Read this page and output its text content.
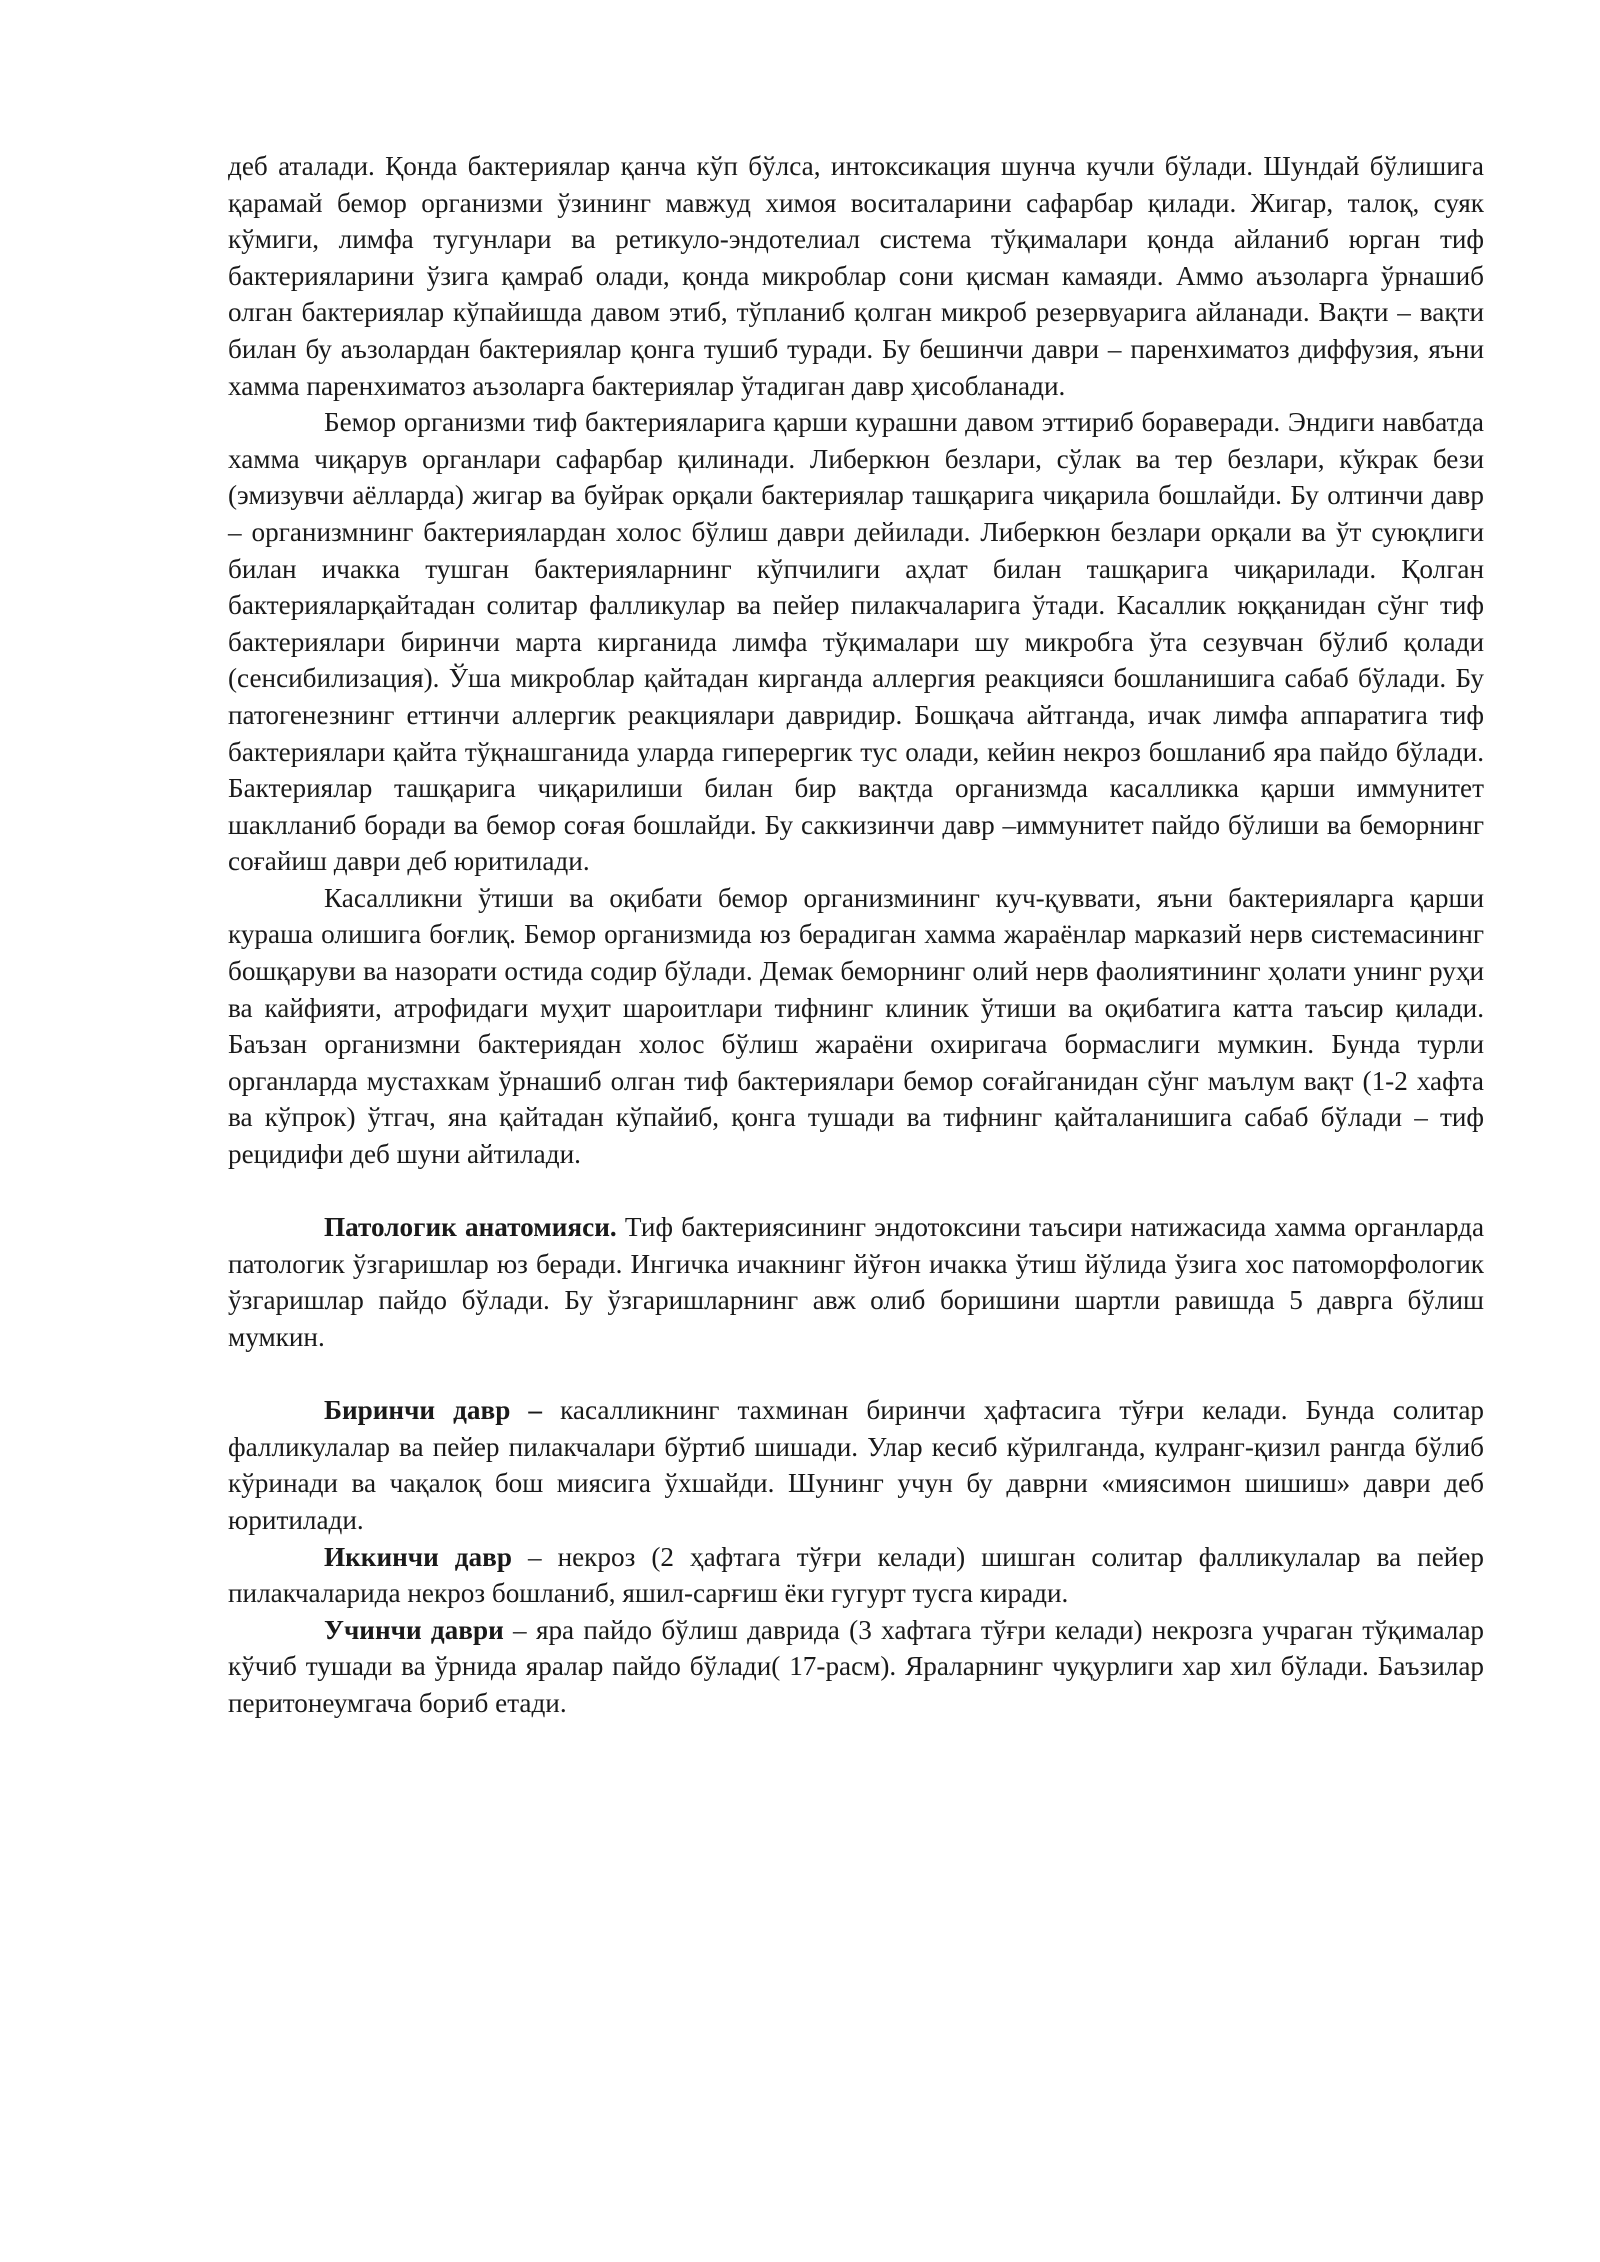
деб аталади. Қонда бактериялар қанча кўп бўлса, интоксикация шунча кучли бўлади. Шундай бўлишига қарамай бемор организми ўзининг мавжуд химоя воситаларини сафарбар қилади. Жигар, талоқ, суяк кўмиги, лимфа тугунлари ва ретикуло-эндотелиал система тўқималари қонда айланиб юрган тиф бактерияларини ўзига қамраб олади, қонда микроблар сони қисман камаяди. Аммо аъзоларга ўрнашиб олган бактериялар кўпайишда давом этиб, тўпланиб қолган микроб резервуарига айланади. Вақти – вақти билан бу аъзолардан бактериялар қонга тушиб туради. Бу бешинчи даври – паренхиматоз диффузия, яъни хамма паренхиматоз аъзоларга бактериялар ўтадиган давр ҳисобланади.

Бемор организми тиф бактерияларига қарши курашни давом эттириб бораверади. Эндиги навбатда хамма чиқарув органлари сафарбар қилинади. Либеркюн безлари, сўлак ва тер безлари, кўкрак бези (эмизувчи аёлларда) жигар ва буйрак орқали бактериялар ташқарига чиқарила бошлайди. Бу олтинчи давр – организмнинг бактериялардан холос бўлиш даври дейилади. Либеркюн безлари орқали ва ўт суюқлиги билан ичакка тушган бактерияларнинг кўпчилиги аҳлат билан ташқарига чиқарилади. Қолган бактерияларқайтадан солитар фалликулар ва пейер пилакчаларига ўтади. Касаллик юққанидан сўнг тиф бактериялари биринчи марта кирганида лимфа тўқималари шу микробга ўта сезувчан бўлиб қолади (сенсибилизация). Ўша микроблар қайтадан кирганда аллергия реакцияси бошланишига сабаб бўлади. Бу патогенезнинг еттинчи аллергик реакциялари давридир. Бошқача айтганда, ичак лимфа аппаратига тиф бактериялари қайта тўқнашганида уларда гиперергик тус олади, кейин некроз бошланиб яра пайдо бўлади. Бактериялар ташқарига чиқарилиши билан бир вақтда организмда касалликка қарши иммунитет шаклланиб боради ва бемор соғая бошлайди. Бу саккизинчи давр –иммунитет пайдо бўлиши ва беморнинг соғайиш даври деб юритилади.

Касалликни ўтиши ва оқибати бемор организмининг куч-қуввати, яъни бактерияларга қарши кураша олишига боғлиқ. Бемор организмида юз берадиган хамма жараёнлар марказий нерв системасининг бошқаруви ва назорати остида содир бўлади. Демак беморнинг олий нерв фаолиятининг ҳолати унинг руҳи ва кайфияти, атрофидаги муҳит шароитлари тифнинг клиник ўтиши ва оқибатига катта таъсир қилади. Баъзан организмни бактериядан холос бўлиш жараёни охиригача бормаслиги мумкин. Бунда турли органларда мустахкам ўрнашиб олган тиф бактериялари бемор соғайганидан сўнг маълум вақт (1-2 хафта ва кўпрок) ўтгач, яна қайтадан кўпайиб, қонга тушади ва тифнинг қайталанишига сабаб бўлади – тиф рецидифи деб шуни айтилади.

Патологик анатомияси. Тиф бактериясининг эндотоксини таъсири натижасида хамма органларда патологик ўзгаришлар юз беради. Ингичка ичакнинг йўғон ичакка ўтиш йўлида ўзига хос патоморфологик ўзгаришлар пайдо бўлади. Бу ўзгаришларнинг авж олиб боришини шартли равишда 5 даврга бўлиш мумкин.

Биринчи давр – касалликнинг тахминан биринчи ҳафтасига тўғри келади. Бунда солитар фалликулалар ва пейер пилакчалари бўртиб шишади. Улар кесиб кўрилганда, кулранг-қизил рангда бўлиб кўринади ва чақалоқ бош миясига ўхшайди. Шунинг учун бу даврни «миясимон шишиш» даври деб юритилади.

Иккинчи давр – некроз (2 ҳафтага тўғри келади) шишган солитар фалликулалар ва пейер пилакчаларида некроз бошланиб, яшил-сарғиш ёки гугурт тусга киради.

Учинчи даври – яра пайдо бўлиш даврида (3 хафтага тўғри келади) некрозга учраган тўқималар кўчиб тушади ва ўрнида яралар пайдо бўлади( 17-расм). Яраларнинг чуқурлиги хар хил бўлади. Баъзилар перитонеумгача бориб етади.
